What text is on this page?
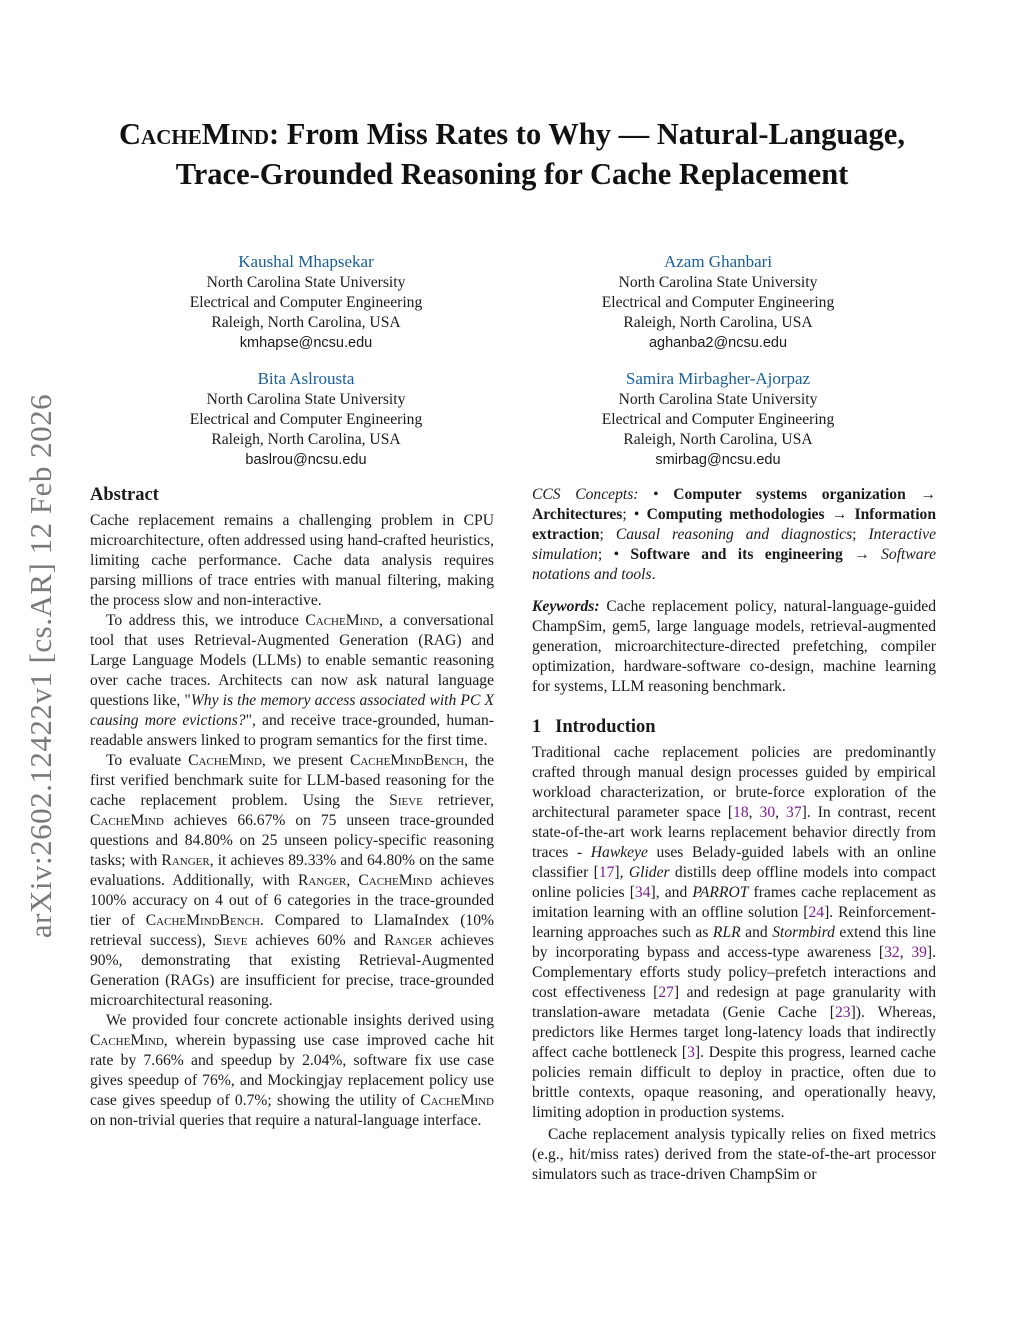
arXiv:2602.12422v1 [cs.AR] 12 Feb 2026
CacheMind: From Miss Rates to Why — Natural-Language, Trace-Grounded Reasoning for Cache Replacement
Kaushal Mhapsekar
North Carolina State University
Electrical and Computer Engineering
Raleigh, North Carolina, USA
kmhapse@ncsu.edu
Azam Ghanbari
North Carolina State University
Electrical and Computer Engineering
Raleigh, North Carolina, USA
aghanba2@ncsu.edu
Bita Aslrousta
North Carolina State University
Electrical and Computer Engineering
Raleigh, North Carolina, USA
baslrou@ncsu.edu
Samira Mirbagher-Ajorpaz
North Carolina State University
Electrical and Computer Engineering
Raleigh, North Carolina, USA
smirbag@ncsu.edu
Abstract

Cache replacement remains a challenging problem in CPU microarchitecture, often addressed using hand-crafted heuristics, limiting cache performance. Cache data analysis requires parsing millions of trace entries with manual filtering, making the process slow and non-interactive.

To address this, we introduce CacheMind, a conversational tool that uses Retrieval-Augmented Generation (RAG) and Large Language Models (LLMs) to enable semantic reasoning over cache traces. Architects can now ask natural language questions like, "Why is the memory access associated with PC X causing more evictions?", and receive trace-grounded, human-readable answers linked to program semantics for the first time.

To evaluate CacheMind, we present CacheMindBench, the first verified benchmark suite for LLM-based reasoning for the cache replacement problem. Using the Sieve retriever, CacheMind achieves 66.67% on 75 unseen trace-grounded questions and 84.80% on 25 unseen policy-specific reasoning tasks; with Ranger, it achieves 89.33% and 64.80% on the same evaluations. Additionally, with Ranger, CacheMind achieves 100% accuracy on 4 out of 6 categories in the trace-grounded tier of CacheMindBench. Compared to LlamaIndex (10% retrieval success), Sieve achieves 60% and Ranger achieves 90%, demonstrating that existing Retrieval-Augmented Generation (RAGs) are insufficient for precise, trace-grounded microarchitectural reasoning.

We provided four concrete actionable insights derived using CacheMind, wherein bypassing use case improved cache hit rate by 7.66% and speedup by 2.04%, software fix use case gives speedup of 76%, and Mockingjay replacement policy use case gives speedup of 0.7%; showing the utility of CacheMind on non-trivial queries that require a natural-language interface.

CCS Concepts: • Computer systems organization → Architectures; • Computing methodologies → Information extraction; Causal reasoning and diagnostics; Interactive simulation; • Software and its engineering → Software notations and tools.

Keywords: Cache replacement policy, natural-language-guided ChampSim, gem5, large language models, retrieval-augmented generation, microarchitecture-directed prefetching, compiler optimization, hardware-software co-design, machine learning for systems, LLM reasoning benchmark.

1   Introduction

Traditional cache replacement policies are predominantly crafted through manual design processes guided by empirical workload characterization, or brute-force exploration of the architectural parameter space [18, 30, 37]. In contrast, recent state-of-the-art work learns replacement behavior directly from traces - Hawkeye uses Belady-guided labels with an online classifier [17], Glider distills deep offline models into compact online policies [34], and PARROT frames cache replacement as imitation learning with an offline solution [24]. Reinforcement-learning approaches such as RLR and Stormbird extend this line by incorporating bypass and access-type awareness [32, 39]. Complementary efforts study policy–prefetch interactions and cost effectiveness [27] and redesign at page granularity with translation-aware metadata (Genie Cache [23]). Whereas, predictors like Hermes target long-latency loads that indirectly affect cache bottleneck [3]. Despite this progress, learned cache policies remain difficult to deploy in practice, often due to brittle contexts, opaque reasoning, and operationally heavy, limiting adoption in production systems.

Cache replacement analysis typically relies on fixed metrics (e.g., hit/miss rates) derived from the state-of-the-art processor simulators such as trace-driven ChampSim or
